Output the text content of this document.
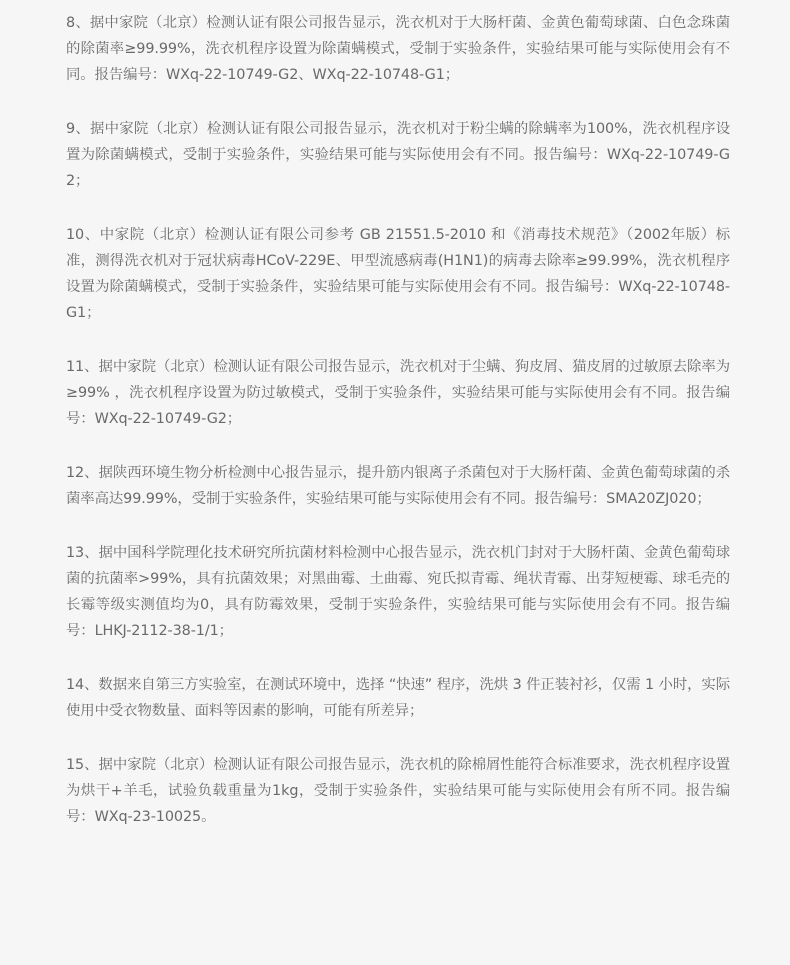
8、据中家院（北京）检测认证有限公司报告显示，洗衣机对于大肠杆菌、金黄色葡萄球菌、白色念珠菌的除菌率≥99.99%，洗衣机程序设置为除菌螨模式，受制于实验条件，实验结果可能与实际使用会有不同。报告编号：WXq-22-10749-G2、WXq-22-10748-G1；

9、据中家院（北京）检测认证有限公司报告显示，洗衣机对于粉尘螨的除螨率为100%，洗衣机程序设置为除菌螨模式，受制于实验条件，实验结果可能与实际使用会有不同。报告编号：WXq-22-10749-G2；

10、中家院（北京）检测认证有限公司参考 GB 21551.5-2010 和《消毒技术规范》（2002年版）标准，测得洗衣机对于冠状病毒HCoV-229E、甲型流感病毒(H1N1)的病毒去除率≥99.99%，洗衣机程序设置为除菌螨模式，受制于实验条件，实验结果可能与实际使用会有不同。报告编号：WXq-22-10748-G1；

11、据中家院（北京）检测认证有限公司报告显示，洗衣机对于尘螨、狗皮屑、猫皮屑的过敏原去除率为≥99% ，洗衣机程序设置为防过敏模式，受制于实验条件，实验结果可能与实际使用会有不同。报告编号：WXq-22-10749-G2；

12、据陕西环境生物分析检测中心报告显示，提升筋内银离子杀菌包对于大肠杆菌、金黄色葡萄球菌的杀菌率高达99.99%，受制于实验条件，实验结果可能与实际使用会有不同。报告编号：SMA20ZJ020；

13、据中国科学院理化技术研究所抗菌材料检测中心报告显示，洗衣机门封对于大肠杆菌、金黄色葡萄球菌的抗菌率>99%，具有抗菌效果；对黑曲霉、土曲霉、宛氏拟青霉、绳状青霉、出芽短梗霉、球毛壳的长霉等级实测值均为0，具有防霉效果，受制于实验条件，实验结果可能与实际使用会有不同。报告编号：LHKJ-2112-38-1/1；

14、数据来自第三方实验室，在测试环境中，选择 “快速” 程序，洗烘 3 件正装衬衫，仅需 1 小时，实际使用中受衣物数量、面料等因素的影响，可能有所差异；

15、据中家院（北京）检测认证有限公司报告显示，洗衣机的除棉屑性能符合标准要求，洗衣机程序设置为烘干+羊毛，试验负载重量为1kg，受制于实验条件，实验结果可能与实际使用会有所不同。报告编号：WXq-23-10025。
